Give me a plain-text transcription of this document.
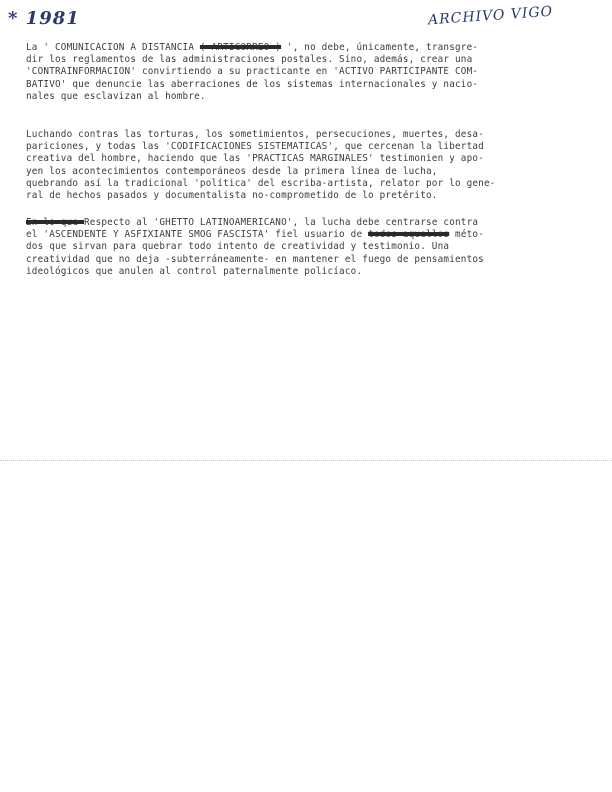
* 1981	ARCHIVO VIGO
La ' COMUNICACION A DISTANCIA ( ARTICORREO ) ', no debe, únicamente, transgre-
dir los reglamentos de las administraciones postales. Sino, además, crear una
'CONTRAINFORMACION' convirtiendo a su practicante en 'ACTIVO PARTICIPANTE COM-
BATIVO' que denuncie las aberraciones de los sistemas internacionales y nacio-
nales que esclavizan al hombre.
Luchando contras las torturas, los sometimientos, persecuciones, muertes, desa-
pariciones, y todas las 'CODIFICACIONES SISTEMATICAS', que cercenan la libertad
creativa del hombre, haciendo que las 'PRACTICAS MARGINALES' testimonien y apo-
yen los acontecimientos contemporáneos desde la primera línea de lucha,
quebrando así la tradicional 'política' del escriba-artista, relator por lo gene-
ral de hechos pasados y documentalista no-comprometido de lo pretérito.
En lo que Respecto al 'GHETTO LATINOAMERICANO', la lucha debe centrarse contra
el 'ASCENDENTE Y ASFIXIANTE SMOG FASCISTA' fiel usuario de todos aquellos méto-
dos que sirvan para quebrar todo intento de creatividad y testimonio. Una
creatividad que no deja -subterráneamente- en mantener el fuego de pensamientos
ideológicos que anulen al control paternalmente policíaco.
